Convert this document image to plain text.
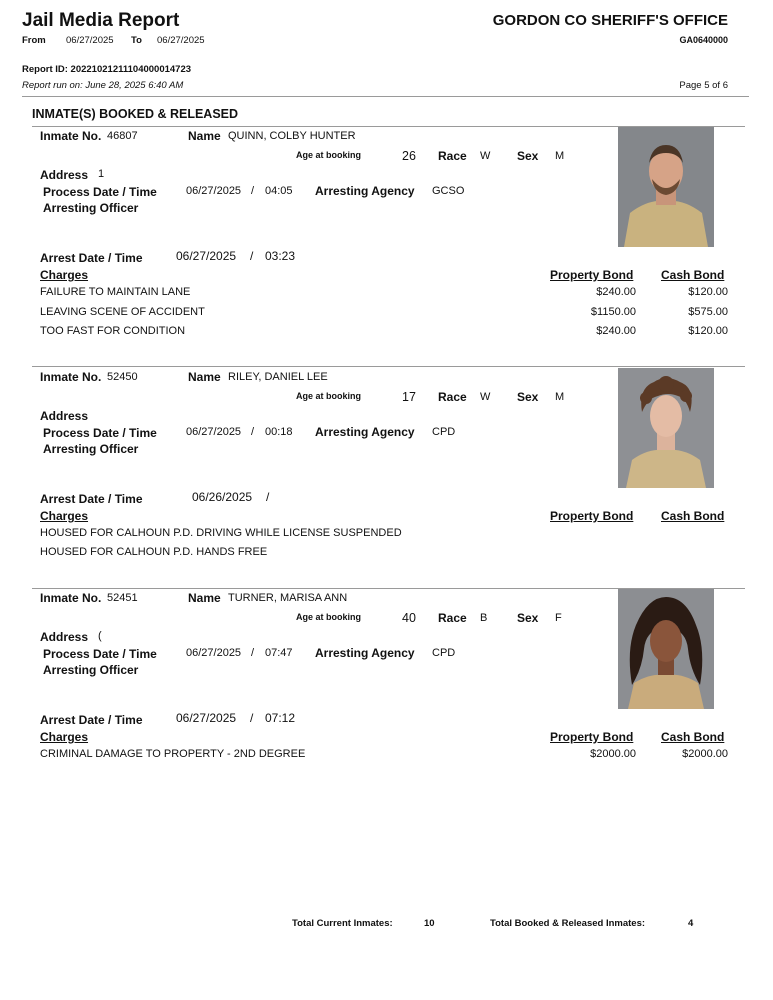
Jail Media Report
From 06/27/2025 To 06/27/2025
GORDON CO SHERIFF'S OFFICE
GA0640000
Report ID: 20221021211104000014723
Report run on: June 28, 2025 6:40 AM	Page 5 of 6
INMATE(S) BOOKED & RELEASED
Inmate No. 46807	Name QUINN, COLBY HUNTER
Age at booking	26 Race W Sex M
Address 1
Process Date / Time	06/27/2025 / 04:05 Arresting Agency GCSO
Arresting Officer
Arrest Date / Time	06/27/2025 / 03:23
Charges	Property Bond Cash Bond
FAILURE TO MAINTAIN LANE	$240.00	$120.00
LEAVING SCENE OF ACCIDENT	$1150.00	$575.00
TOO FAST FOR CONDITION	$240.00	$120.00
Inmate No. 52450	Name RILEY, DANIEL LEE
Age at booking	17 Race W Sex M
Address
Process Date / Time	06/27/2025 / 00:18 Arresting Agency CPD
Arresting Officer
Arrest Date / Time	06/26/2025 /
Charges	Property Bond Cash Bond
HOUSED FOR CALHOUN P.D. DRIVING WHILE LICENSE SUSPENDED
HOUSED FOR CALHOUN P.D. HANDS FREE
Inmate No. 52451	Name TURNER, MARISA ANN
Age at booking	40 Race B Sex F
Address (
Process Date / Time	06/27/2025 / 07:47 Arresting Agency CPD
Arresting Officer
Arrest Date / Time	06/27/2025 / 07:12
Charges	Property Bond Cash Bond
CRIMINAL DAMAGE TO PROPERTY - 2ND DEGREE	$2000.00	$2000.00
Total Current Inmates:	10	Total Booked & Released Inmates:	4
